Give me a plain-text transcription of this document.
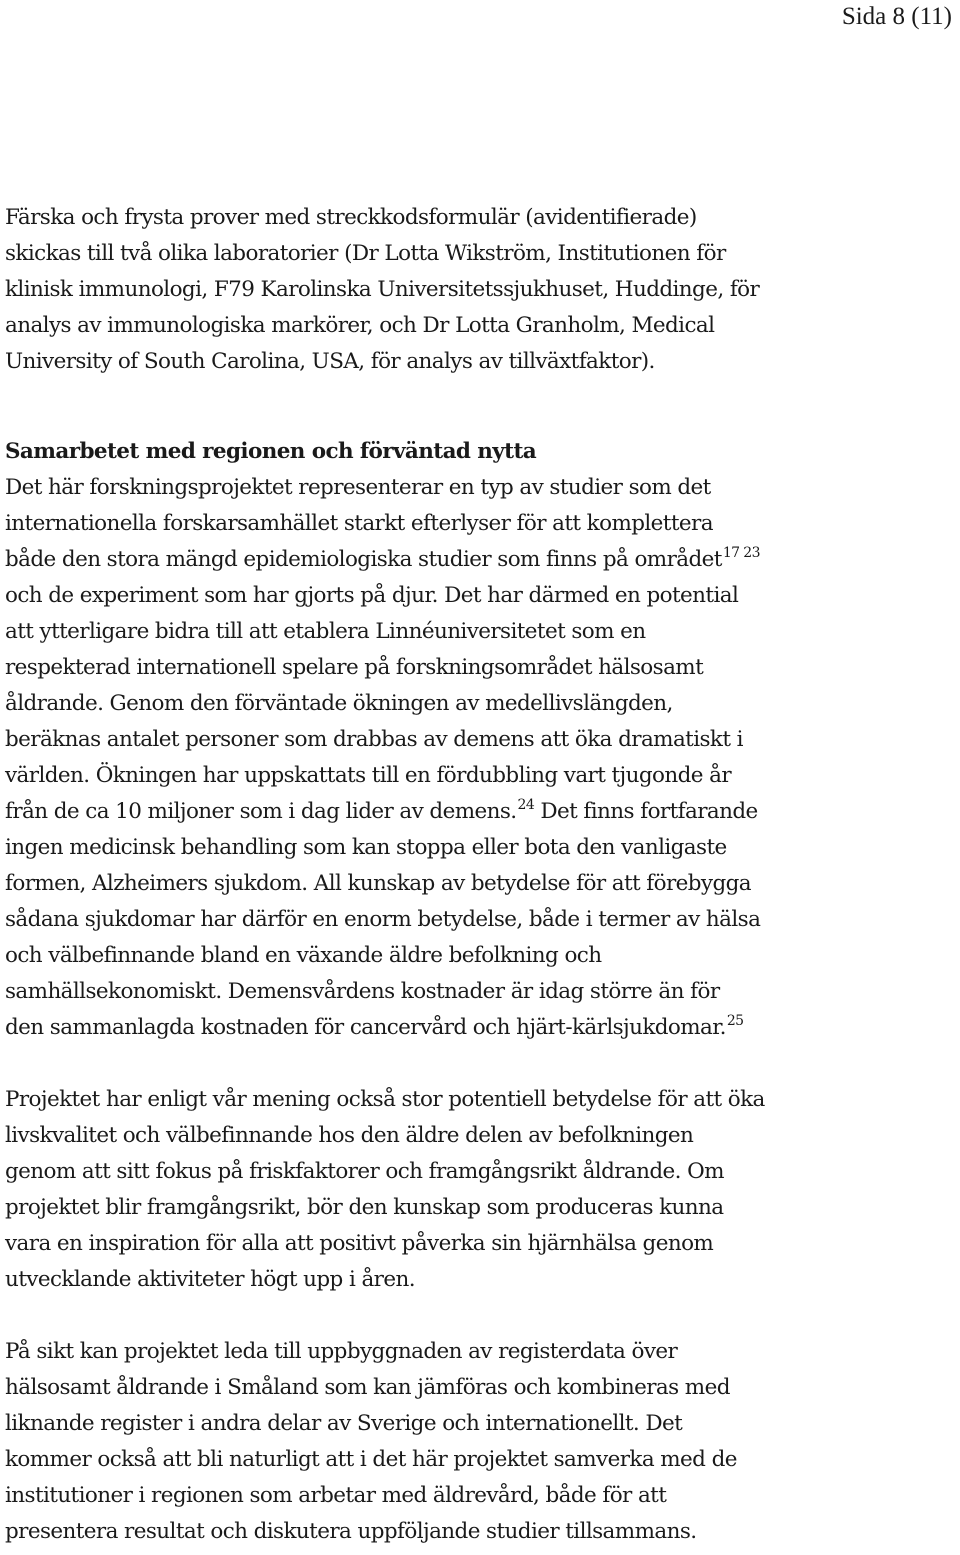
Sida 8 (11)

Färska och frysta prover med streckkodsformulär (avidentifierade)
skickas till två olika laboratorier (Dr Lotta Wikström, Institutionen för
klinisk immunologi, F79 Karolinska Universitetssjukhuset, Huddinge, för
analys av immunologiska markörer, och Dr Lotta Granholm, Medical
University of South Carolina, USA, för analys av tillväxtfaktor).

Samarbetet med regionen och förväntad nytta
Det här forskningsprojektet representerar en typ av studier som det
internationella forskarsamhället starkt efterlyser för att komplettera
både den stora mängd epidemiologiska studier som finns på området$^{17 23}$
och de experiment som har gjorts på djur. Det har därmed en potential
att ytterligare bidra till att etablera Linnéuniversitetet som en
respekterad internationell spelare på forskningsområdet hälsosamt
åldrande. Genom den förväntade ökningen av medellivslängden,
beräknas antalet personer som drabbas av demens att öka dramatiskt i
världen. Ökningen har uppskattats till en fördubbling vart tjugonde år
från de ca 10 miljoner som i dag lider av demens.$^{24}$ Det finns fortfarande
ingen medicinsk behandling som kan stoppa eller bota den vanligaste
formen, Alzheimers sjukdom. All kunskap av betydelse för att förebygga
sådana sjukdomar har därför en enorm betydelse, både i termer av hälsa
och välbefinnande bland en växande äldre befolkning och
samhällsekonomiskt. Demensvårdens kostnader är idag större än för
den sammanlagda kostnaden för cancervård och hjärt-kärlsjukdomar.$^{25}$

Projektet har enligt vår mening också stor potentiell betydelse för att öka
livskvalitet och välbefinnande hos den äldre delen av befolkningen
genom att sitt fokus på friskfaktorer och framgångsrikt åldrande. Om
projektet blir framgångsrikt, bör den kunskap som produceras kunna
vara en inspiration för alla att positivt påverka sin hjärnhälsa genom
utvecklande aktiviteter högt upp i åren.

På sikt kan projektet leda till uppbyggnaden av registerdata över
hälsosamt åldrande i Småland som kan jämföras och kombineras med
liknande register i andra delar av Sverige och internationellt. Det
kommer också att bli naturligt att i det här projektet samverka med de
institutioner i regionen som arbetar med äldrevård, både för att
presentera resultat och diskutera uppföljande studier tillsammans.
